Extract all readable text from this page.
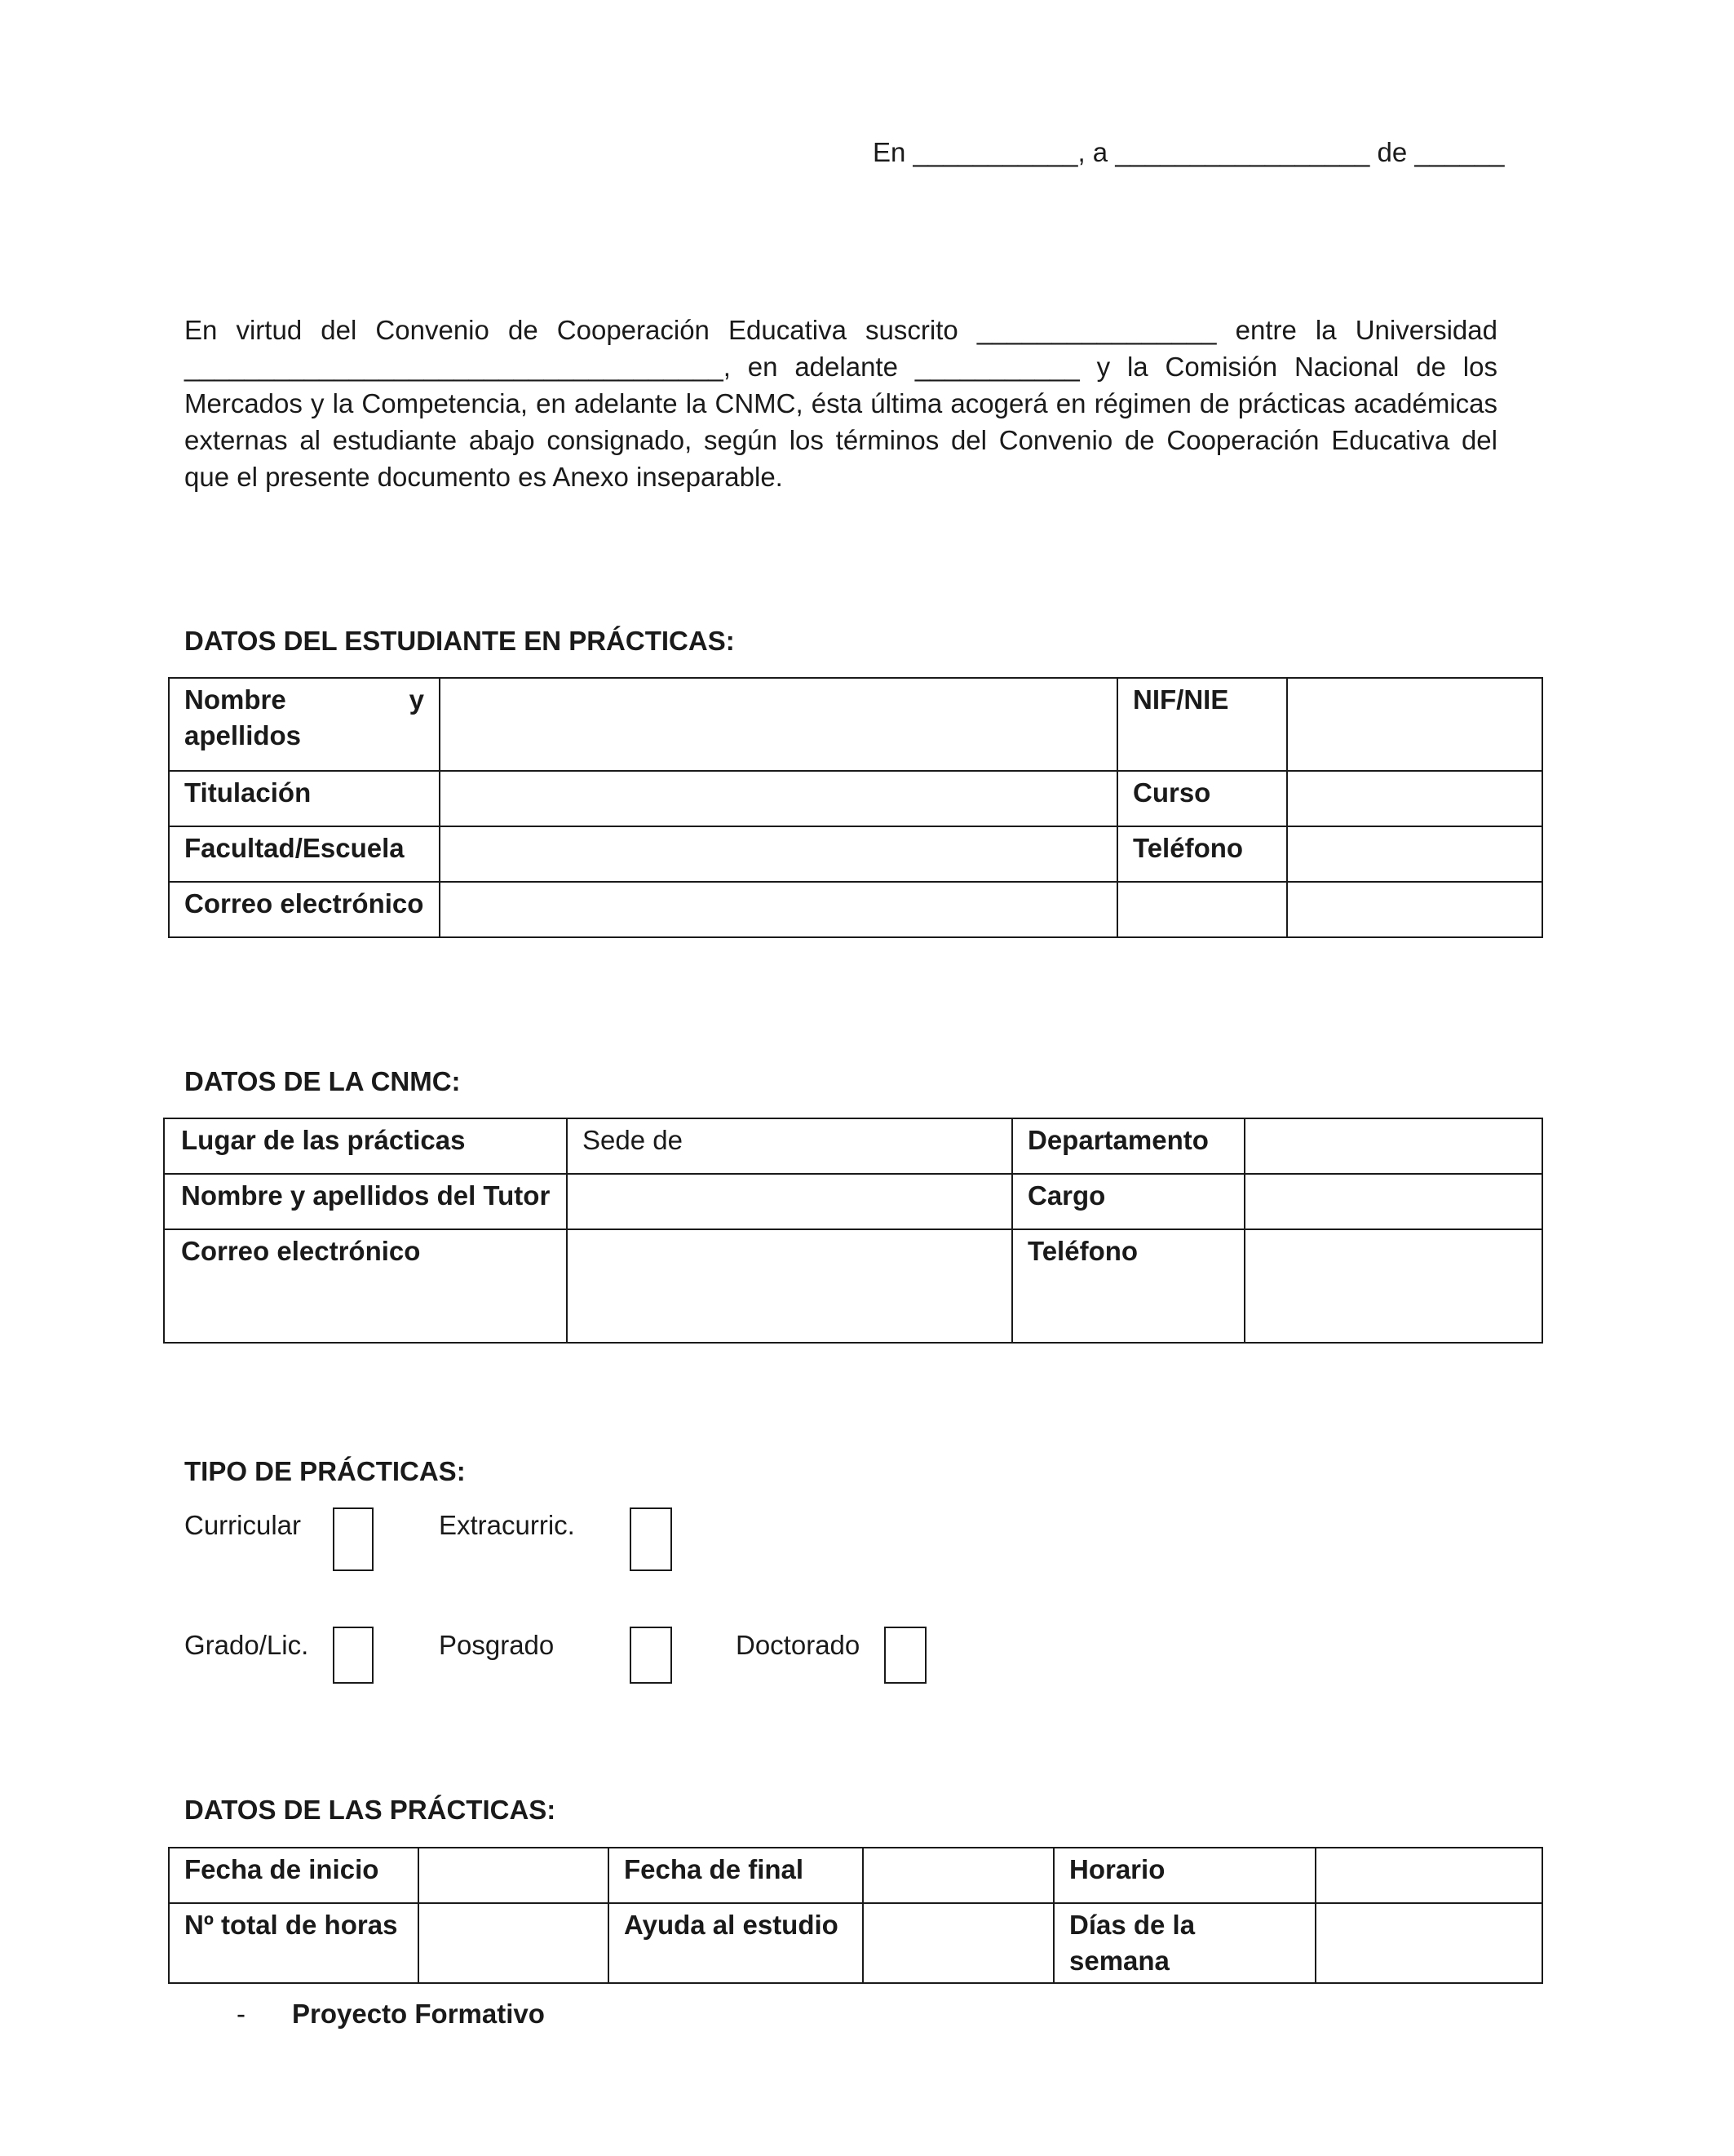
En ___________, a _________________ de ______
En virtud del Convenio de Cooperación Educativa suscrito ________________ entre la Universidad
____________________________________, en adelante ___________ y la Comisión Nacional de los
Mercados y la Competencia, en adelante la CNMC, ésta última acogerá en régimen de prácticas académicas
externas al estudiante abajo consignado, según los términos del Convenio de Cooperación Educativa del
que el presente documento es Anexo inseparable.
DATOS DEL ESTUDIANTE EN PRÁCTICAS:
Nombre y
apellidos		NIF/NIE	
Titulación		Curso	
Facultad/Escuela		Teléfono	
Correo electrónico			
DATOS DE LA CNMC:
Lugar de las prácticas	Sede de	Departamento	
Nombre y apellidos del Tutor		Cargo	
Correo electrónico		Teléfono	
TIPO DE PRÁCTICAS:
Curricular	Extracurric.
Grado/Lic.	Posgrado	Doctorado
DATOS DE LAS PRÁCTICAS:
Fecha de inicio		Fecha de final		Horario	
Nº total de horas		Ayuda al estudio		Días de la semana	
- Proyecto Formativo
